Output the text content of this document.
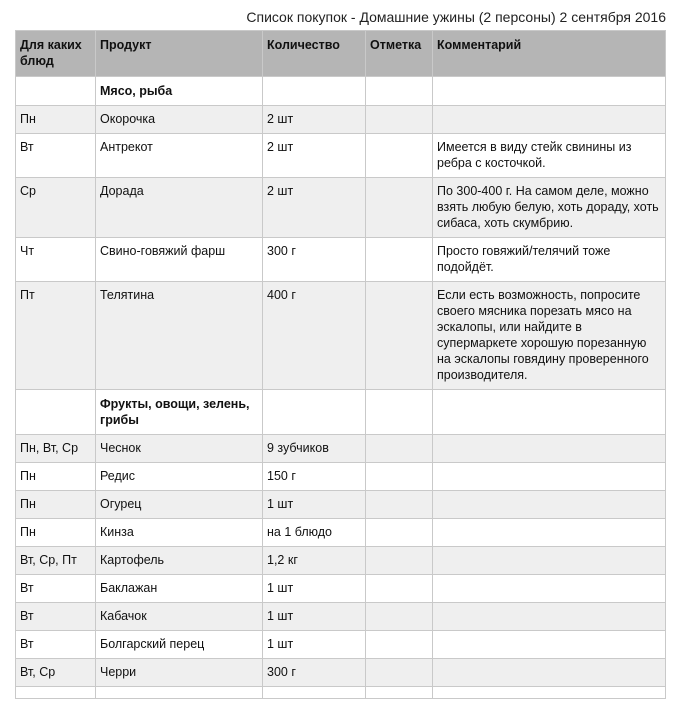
Список покупок - Домашние ужины (2 персоны) 2 сентября 2016
Для каких блюд	Продукт	Количество	Отметка	Комментарий
	Мясо, рыба			
Пн	Окорочка	2 шт		
Вт	Антрекот	2 шт		Имеется в виду стейк свинины из ребра с косточкой.
Ср	Дорада	2 шт		По 300-400 г. На самом деле, можно взять любую белую, хоть дораду, хоть сибаса, хоть скумбрию.
Чт	Свино-говяжий фарш	300 г		Просто говяжий/телячий тоже подойдёт.
Пт	Телятина	400 г		Если есть возможность, попросите своего мясника порезать мясо на эскалопы, или найдите в супермаркете хорошую порезанную на эскалопы говядину проверенного производителя.
	Фрукты, овощи, зелень, грибы			
Пн, Вт, Ср	Чеснок	9 зубчиков		
Пн	Редис	150 г		
Пн	Огурец	1 шт		
Пн	Кинза	на 1 блюдо		
Вт, Ср, Пт	Картофель	1,2 кг		
Вт	Баклажан	1 шт		
Вт	Кабачок	1 шт		
Вт	Болгарский перец	1 шт		
Вт, Ср	Черри	300 г		
